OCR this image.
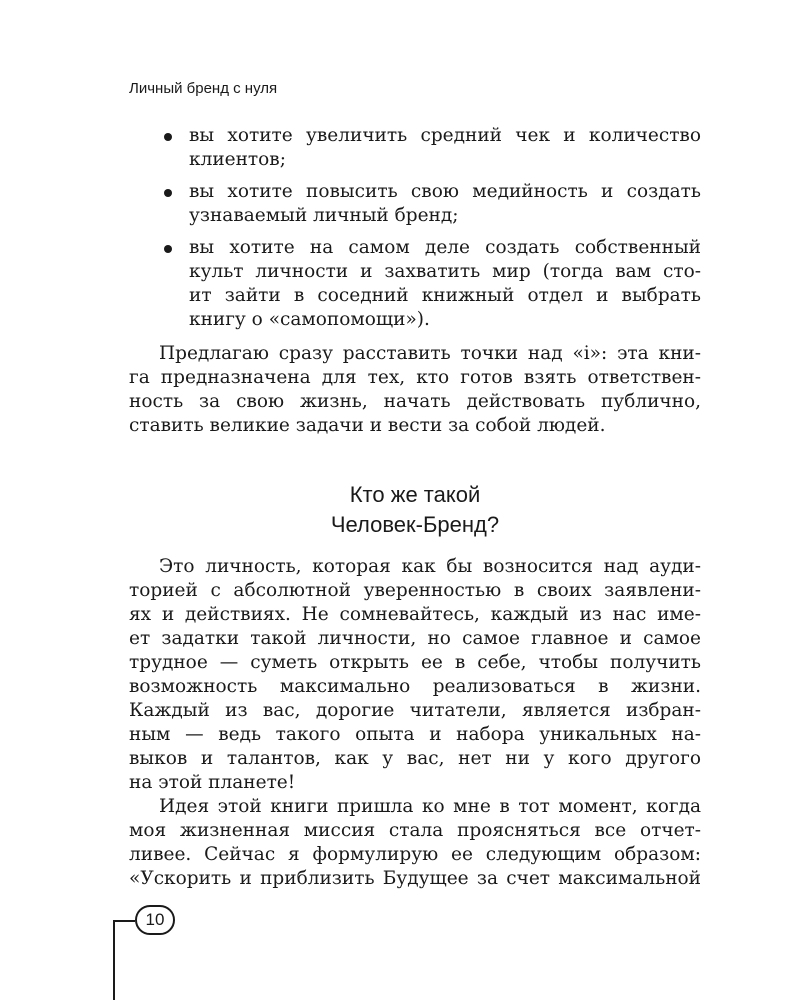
Личный бренд с нуля
вы хотите увеличить средний чек и количество
клиентов;
вы хотите повысить свою медийность и создать
узнаваемый личный бренд;
вы хотите на самом деле создать собственный
культ личности и захватить мир (тогда вам сто-
ит зайти в соседний книжный отдел и выбрать
книгу о «самопомощи»).
Предлагаю сразу расставить точки над «i»: эта кни-
га предназначена для тех, кто готов взять ответствен-
ность за свою жизнь, начать действовать публично,
ставить великие задачи и вести за собой людей.
Кто же такой
Человек-Бренд?
Это личность, которая как бы возносится над ауди-
торией с абсолютной уверенностью в своих заявлени-
ях и действиях. Не сомневайтесь, каждый из нас име-
ет задатки такой личности, но самое главное и самое
трудное — суметь открыть ее в себе, чтобы получить
возможность максимально реализоваться в жизни.
Каждый из вас, дорогие читатели, является избран-
ным — ведь такого опыта и набора уникальных на-
выков и талантов, как у вас, нет ни у кого другого
на этой планете!
Идея этой книги пришла ко мне в тот момент, когда
моя жизненная миссия стала проясняться все отчет-
ливее. Сейчас я формулирую ее следующим образом:
«Ускорить и приблизить Будущее за счет максимальной
10
